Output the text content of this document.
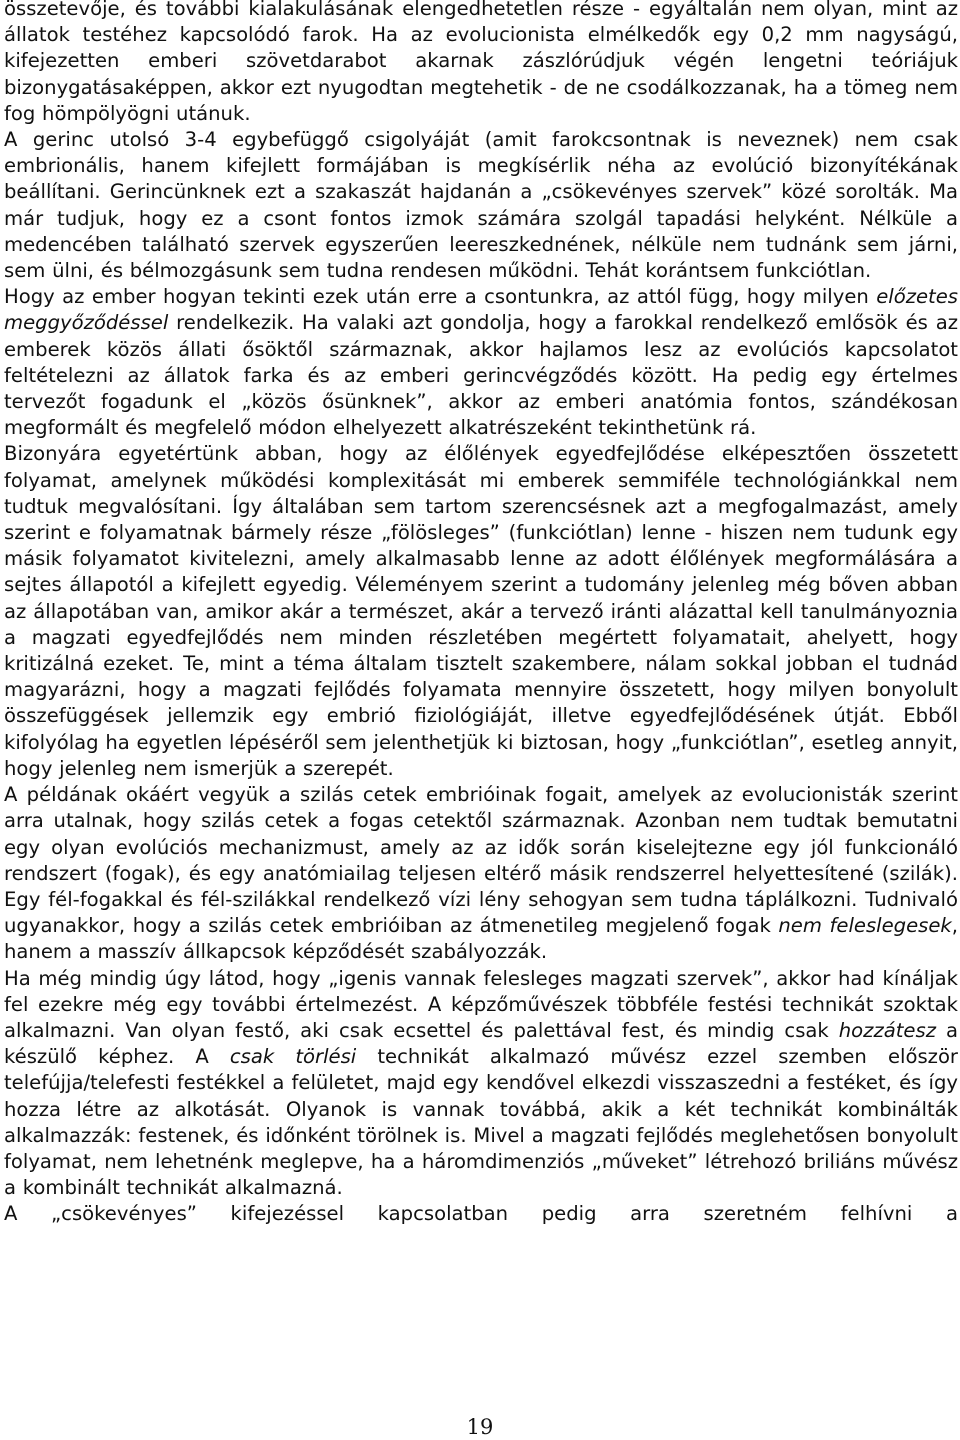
összetevője, és további kialakulásának elengedhetetlen része - egyáltalán nem olyan, mint az állatok testéhez kapcsolódó farok. Ha az evolucionista elmélkedők egy 0,2 mm nagyságú, kifejezetten emberi szövetdarabot akarnak zászlórúdjuk végén lengetni teóriájuk bizonygatásaképpen, akkor ezt nyugodtan megtehetik - de ne csodálkozzanak, ha a tömeg nem fog hömpölyögni utánuk.

A gerinc utolsó 3-4 egybefüggő csigolyáját (amit farokcsontnak is neveznek) nem csak embrionális, hanem kifejlett formájában is megkísérlik néha az evolúció bizonyítékának beállítani. Gerincünknek ezt a szakaszát hajdanán a „csökevényes szervek” közé sorolták. Ma már tudjuk, hogy ez a csont fontos izmok számára szolgál tapadási helyként. Nélküle a medencében található szervek egyszerűen leereszkednének, nélküle nem tudnánk sem járni, sem ülni, és bélmozgásunk sem tudna rendesen működni. Tehát korántsem funkciótlan.

Hogy az ember hogyan tekinti ezek után erre a csontunkra, az attól függ, hogy milyen előzetes meggyőződéssel rendelkezik. Ha valaki azt gondolja, hogy a farokkal rendelkező emlősök és az emberek közös állati ősöktől származnak, akkor hajlamos lesz az evolúciós kapcsolatot feltételezni az állatok farka és az emberi gerincvégződés között. Ha pedig egy értelmes tervezőt fogadunk el „közös ősünknek”, akkor az emberi anatómia fontos, szándékosan megformált és megfelelő módon elhelyezett alkatrészeként tekinthetünk rá.

Bizonyára egyetértünk abban, hogy az élőlények egyedfejlődése elképesztően összetett folyamat, amelynek működési komplexitását mi emberek semmiféle technológiánkkal nem tudtuk megvalósítani. Így általában sem tartom szerencsésnek azt a megfogalmazást, amely szerint e folyamatnak bármely része „fölösleges” (funkciótlan) lenne - hiszen nem tudunk egy másik folyamatot kivitelezni, amely alkalmasabb lenne az adott élőlények megformálására a sejtes állapotól a kifejlett egyedig. Véleményem szerint a tudomány jelenleg még bőven abban az állapotában van, amikor akár a természet, akár a tervező iránti alázattal kell tanulmányoznia a magzati egyedfejlődés nem minden részletében megértett folyamatait, ahelyett, hogy kritizálná ezeket. Te, mint a téma általam tisztelt szakembere, nálam sokkal jobban el tudnád magyarázni, hogy a magzati fejlődés folyamata mennyire összetett, hogy milyen bonyolult összefüggések jellemzik egy embrió fiziológiáját, illetve egyedfejlődésének útját. Ebből kifolyólag ha egyetlen lépéséről sem jelenthetjük ki biztosan, hogy „funkciótlan”, esetleg annyit, hogy jelenleg nem ismerjük a szerepét.

A példának okáért vegyük a szilás cetek embrióinak fogait, amelyek az evolucionisták szerint arra utalnak, hogy szilás cetek a fogas cetektől származnak. Azonban nem tudtak bemutatni egy olyan evolúciós mechanizmust, amely az az idők során kiselejtezne egy jól funkcionáló rendszert (fogak), és egy anatómiailag teljesen eltérő másik rendszerrel helyettesítené (szilák). Egy fél-fogakkal és fél-szilákkal rendelkező vízi lény sehogyan sem tudna táplálkozni. Tudnivaló ugyanakkor, hogy a szilás cetek embrióiban az átmenetileg megjelenő fogak nem feleslegesek, hanem a masszív állkapcsok képződését szabályozzák.

Ha még mindig úgy látod, hogy „igenis vannak felesleges magzati szervek”, akkor had kínáljak fel ezekre még egy további értelmezést. A képzőművészek többféle festési technikát szoktak alkalmazni. Van olyan festő, aki csak ecsettel és palettával fest, és mindig csak hozzátesz a készülő képhez. A csak törlési technikát alkalmazó művész ezzel szemben először telefújja/telefesti festékkel a felületet, majd egy kendővel elkezdi visszaszedni a festéket, és így hozza létre az alkotását. Olyanok is vannak továbbá, akik a két technikát kombinálták alkalmazzák: festenek, és időnként törölnek is. Mivel a magzati fejlődés meglehetősen bonyolult folyamat, nem lehetnénk meglepve, ha a háromdimenziós „műveket” létrehozó briliáns művész a kombinált technikát alkalmazná.

A „csökevényes” kifejezéssel kapcsolatban pedig arra szeretném felhívni a

19
